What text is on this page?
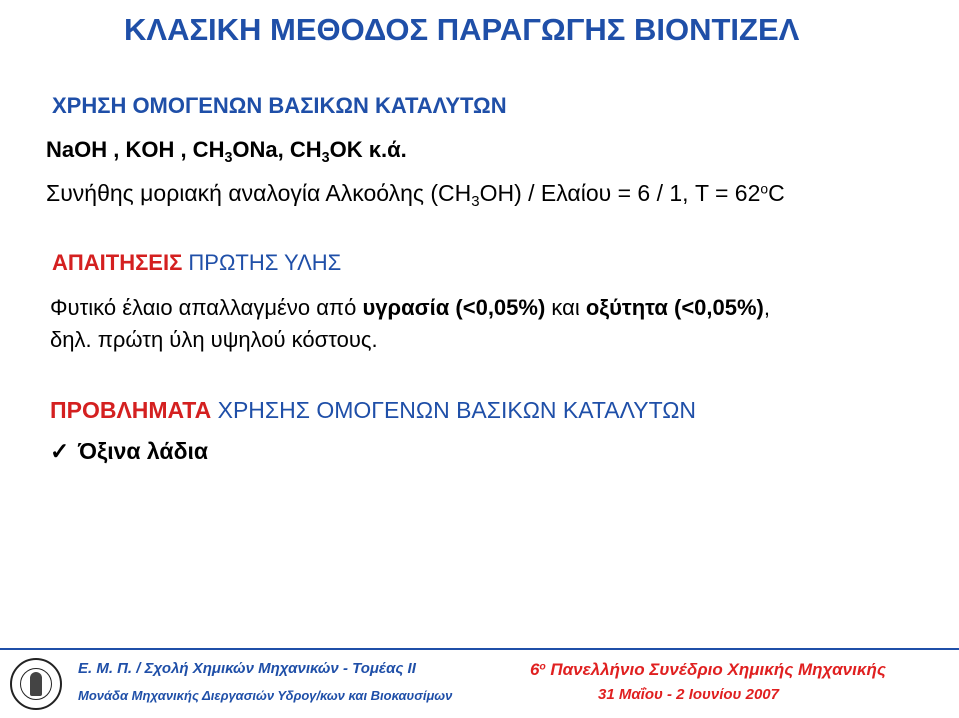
ΚΛΑΣΙΚΗ ΜΕΘΟΔΟΣ ΠΑΡΑΓΩΓΗΣ ΒΙΟΝΤΙΖΕΛ
ΧΡΗΣΗ ΟΜΟΓΕΝΩΝ ΒΑΣΙΚΩΝ ΚΑΤΑΛΥΤΩΝ
NaOH , KOH , $CH_3ONa$, $CH_3OK$ κ.ά.
Συνήθης μοριακή αναλογία Αλκοόλης $(CH_3OH) / E\lambda\alpha ίo\upsilon = 6 / 1$, $T = 62^oC$
ΑΠΑΙΤΗΣΕΙΣ ΠΡΩΤΗΣ ΥΛΗΣ
Φυτικό έλαιο απαλλαγμένο από υγρασία (<0,05%) και οξύτητα (<0,05%),
δηλ. πρώτη ύλη υψηλού κόστους.
ΠΡΟΒΛΗΜΑΤΑ ΧΡΗΣΗΣ ΟΜΟΓΕΝΩΝ ΒΑΣΙΚΩΝ ΚΑΤΑΛΥΤΩΝ
✓ Όξινα λάδια
Ε. Μ. Π. / Σχολή Χημικών Μηχανικών - Τομέας ΙΙ
Μονάδα Μηχανικής Διεργασιών Υδρογ/κων και Βιοκαυσίμων
$6^o$ Πανελλήνιο Συνέδριο Χημικής Μηχανικής
31 Μαΐου - 2 Ιουνίου 2007
